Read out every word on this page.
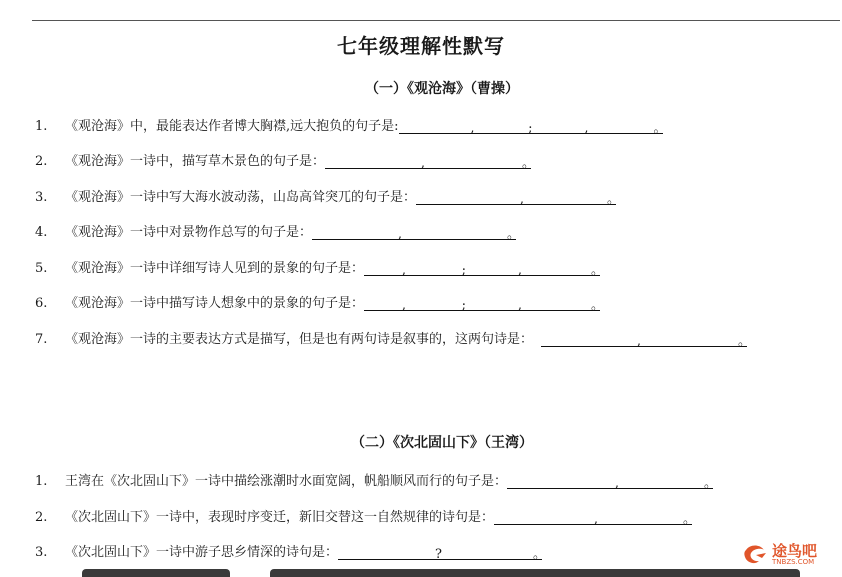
七年级理解性默写
（一）《观沧海》（曹操）
1.	《观沧海》中，最能表达作者博大胸襟,远大抱负的句子是:	,	;	,	。
2.	《观沧海》一诗中，描写草木景色的句子是：	,	。
3.	《观沧海》一诗中写大海水波动荡，山岛高耸突兀的句子是：	,	。
4.	《观沧海》一诗中对景物作总写的句子是：	,	。
5.	《观沧海》一诗中详细写诗人见到的景象的句子是：	,	;	,	。
6.	《观沧海》一诗中描写诗人想象中的景象的句子是：	,	;	,	。
7.	《观沧海》一诗的主要表达方式是描写，但是也有两句诗是叙事的，这两句诗是：	,	。
（二）《次北固山下》（王湾）
1.	王湾在《次北固山下》一诗中描绘涨潮时水面宽阔，帆船顺风而行的句子是：	,	。
2.	《次北固山下》一诗中，表现时序变迁，新旧交替这一自然规律的诗句是：	,	。
3.	《次北固山下》一诗中游子思乡情深的诗句是：	?	。	途鸟吧
TNBZS.COM
